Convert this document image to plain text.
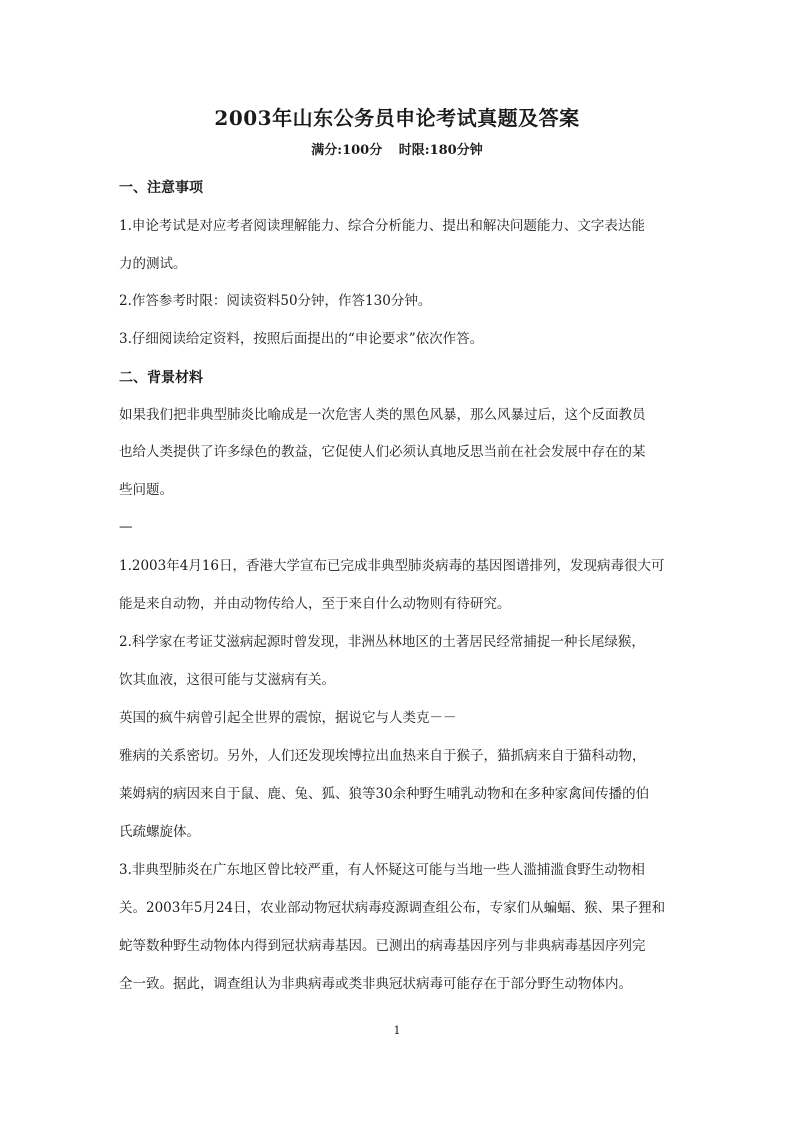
2003年山东公务员申论考试真题及答案
满分:100分 时限:180分钟
一、注意事项
1.申论考试是对应考者阅读理解能力、综合分析能力、提出和解决问题能力、文字表达能
力的测试。
2.作答参考时限：阅读资料50分钟，作答130分钟。
3.仔细阅读给定资料，按照后面提出的“申论要求”依次作答。
二、背景材料
如果我们把非典型肺炎比喻成是一次危害人类的黑色风暴，那么风暴过后，这个反面教员
也给人类提供了许多绿色的教益，它促使人们必须认真地反思当前在社会发展中存在的某
些问题。
—
1.2003年4月16日，香港大学宣布已完成非典型肺炎病毒的基因图谱排列，发现病毒很大可
能是来自动物，并由动物传给人，至于来自什么动物则有待研究。
2.科学家在考证艾滋病起源时曾发现，非洲丛林地区的土著居民经常捕捉一种长尾绿猴，
饮其血液，这很可能与艾滋病有关。
英国的疯牛病曾引起全世界的震惊，据说它与人类克－－
雅病的关系密切。另外，人们还发现埃博拉出血热来自于猴子，猫抓病来自于猫科动物，
莱姆病的病因来自于鼠、鹿、兔、狐、狼等30余种野生哺乳动物和在多种家禽间传播的伯
氏疏螺旋体。
3.非典型肺炎在广东地区曾比较严重，有人怀疑这可能与当地一些人滥捕滥食野生动物相
关。2003年5月24日，农业部动物冠状病毒疫源调查组公布，专家们从蝙蝠、猴、果子狸和
蛇等数种野生动物体内得到冠状病毒基因。已测出的病毒基因序列与非典病毒基因序列完
全一致。据此，调查组认为非典病毒或类非典冠状病毒可能存在于部分野生动物体内。
1
